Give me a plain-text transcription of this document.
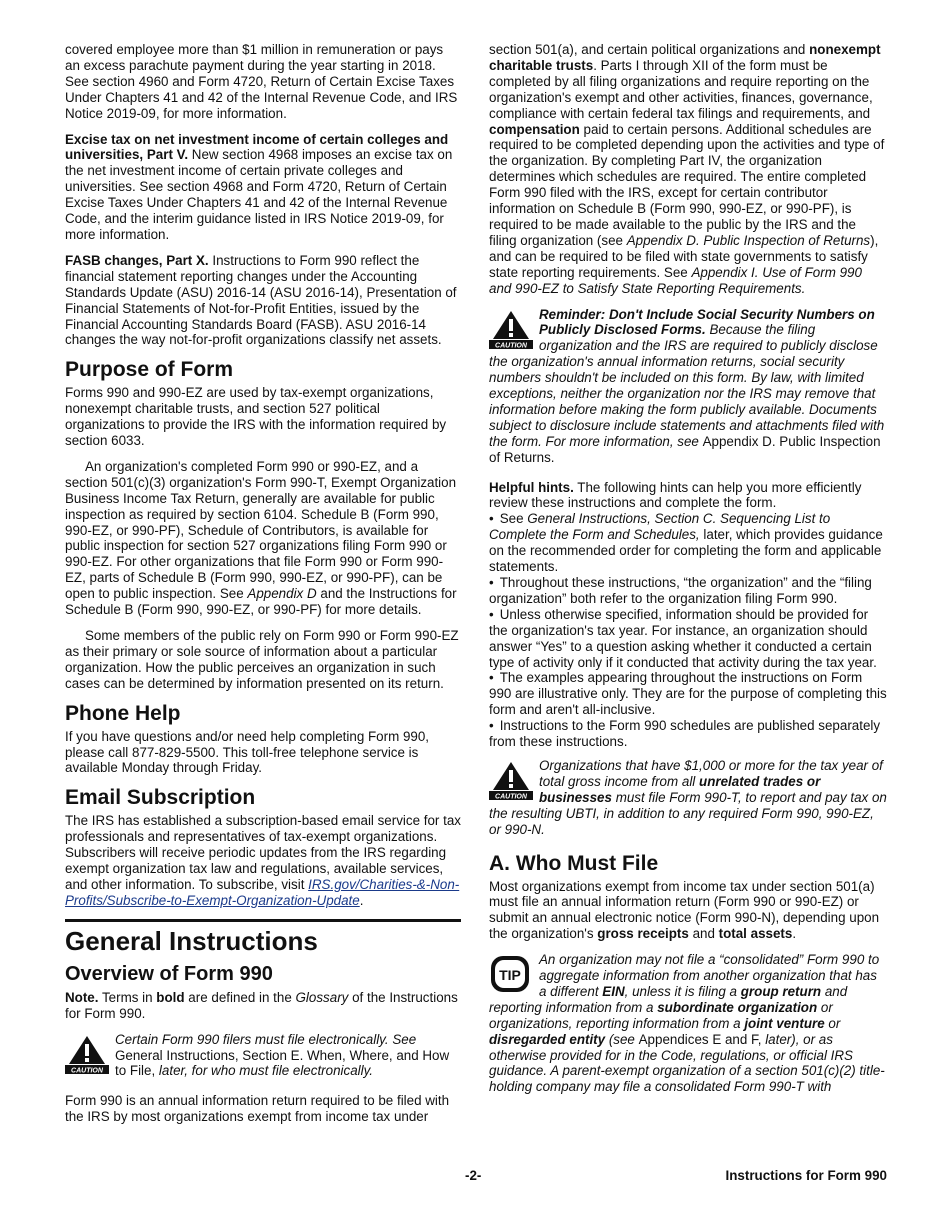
covered employee more than $1 million in remuneration or pays an excess parachute payment during the year starting in 2018. See section 4960 and Form 4720, Return of Certain Excise Taxes Under Chapters 41 and 42 of the Internal Revenue Code, and IRS Notice 2019-09, for more information.

Excise tax on net investment income of certain colleges and universities, Part V. New section 4968 imposes an excise tax on the net investment income of certain private colleges and universities. See section 4968 and Form 4720, Return of Certain Excise Taxes Under Chapters 41 and 42 of the Internal Revenue Code, and the interim guidance listed in IRS Notice 2019-09, for more information.

FASB changes, Part X. Instructions to Form 990 reflect the financial statement reporting changes under the Accounting Standards Update (ASU) 2016-14 (ASU 2016-14), Presentation of Financial Statements of Not-for-Profit Entities, issued by the Financial Accounting Standards Board (FASB). ASU 2016-14 changes the way not-for-profit organizations classify net assets.

Purpose of Form

Forms 990 and 990-EZ are used by tax-exempt organizations, nonexempt charitable trusts, and section 527 political organizations to provide the IRS with the information required by section 6033.

An organization's completed Form 990 or 990-EZ, and a section 501(c)(3) organization's Form 990-T, Exempt Organization Business Income Tax Return, generally are available for public inspection as required by section 6104. Schedule B (Form 990, 990-EZ, or 990-PF), Schedule of Contributors, is available for public inspection for section 527 organizations filing Form 990 or 990-EZ. For other organizations that file Form 990 or Form 990-EZ, parts of Schedule B (Form 990, 990-EZ, or 990-PF), can be open to public inspection. See Appendix D and the Instructions for Schedule B (Form 990, 990-EZ, or 990-PF) for more details.

Some members of the public rely on Form 990 or Form 990-EZ as their primary or sole source of information about a particular organization. How the public perceives an organization in such cases can be determined by information presented on its return.

Phone Help

If you have questions and/or need help completing Form 990, please call 877-829-5500. This toll-free telephone service is available Monday through Friday.

Email Subscription

The IRS has established a subscription-based email service for tax professionals and representatives of tax-exempt organizations. Subscribers will receive periodic updates from the IRS regarding exempt organization tax law and regulations, available services, and other information. To subscribe, visit IRS.gov/Charities-&-Non-Profits/Subscribe-to-Exempt-Organization-Update.

General Instructions
Overview of Form 990

Note. Terms in bold are defined in the Glossary of the Instructions for Form 990.

CAUTION
Certain Form 990 filers must file electronically. See General Instructions, Section E. When, Where, and How to File, later, for who must file electronically.

Form 990 is an annual information return required to be filed with the IRS by most organizations exempt from income tax under

section 501(a), and certain political organizations and nonexempt charitable trusts. Parts I through XII of the form must be completed by all filing organizations and require reporting on the organization's exempt and other activities, finances, governance, compliance with certain federal tax filings and requirements, and compensation paid to certain persons. Additional schedules are required to be completed depending upon the activities and type of the organization. By completing Part IV, the organization determines which schedules are required. The entire completed Form 990 filed with the IRS, except for certain contributor information on Schedule B (Form 990, 990-EZ, or 990-PF), is required to be made available to the public by the IRS and the filing organization (see Appendix D. Public Inspection of Returns), and can be required to be filed with state governments to satisfy state reporting requirements. See Appendix I. Use of Form 990 and 990-EZ to Satisfy State Reporting Requirements.

CAUTION
Reminder: Don't Include Social Security Numbers on Publicly Disclosed Forms. Because the filing organization and the IRS are required to publicly disclose the organization's annual information returns, social security numbers shouldn't be included on this form. By law, with limited exceptions, neither the organization nor the IRS may remove that information before making the form publicly available. Documents subject to disclosure include statements and attachments filed with the form. For more information, see Appendix D. Public Inspection of Returns.

Helpful hints. The following hints can help you more efficiently review these instructions and complete the form.

• See General Instructions, Section C. Sequencing List to Complete the Form and Schedules, later, which provides guidance on the recommended order for completing the form and applicable statements.

• Throughout these instructions, “the organization” and the “filing organization” both refer to the organization filing Form 990.

• Unless otherwise specified, information should be provided for the organization's tax year. For instance, an organization should answer “Yes” to a question asking whether it conducted a certain type of activity only if it conducted that activity during the tax year.

• The examples appearing throughout the instructions on Form 990 are illustrative only. They are for the purpose of completing this form and aren't all-inclusive.

• Instructions to the Form 990 schedules are published separately from these instructions.

CAUTION
Organizations that have $1,000 or more for the tax year of total gross income from all unrelated trades or businesses must file Form 990-T, to report and pay tax on the resulting UBTI, in addition to any required Form 990, 990-EZ, or 990-N.
A. Who Must File

Most organizations exempt from income tax under section 501(a) must file an annual information return (Form 990 or 990-EZ) or submit an annual electronic notice (Form 990-N), depending upon the organization's gross receipts and total assets.

TIP
An organization may not file a “consolidated” Form 990 to aggregate information from another organization that has a different EIN, unless it is filing a group return and reporting information from a subordinate organization or organizations, reporting information from a joint venture or disregarded entity (see Appendices E and F, later), or as otherwise provided for in the Code, regulations, or official IRS guidance. A parent-exempt organization of a section 501(c)(2) title-holding company may file a consolidated Form 990-T with
-2-	Instructions for Form 990
